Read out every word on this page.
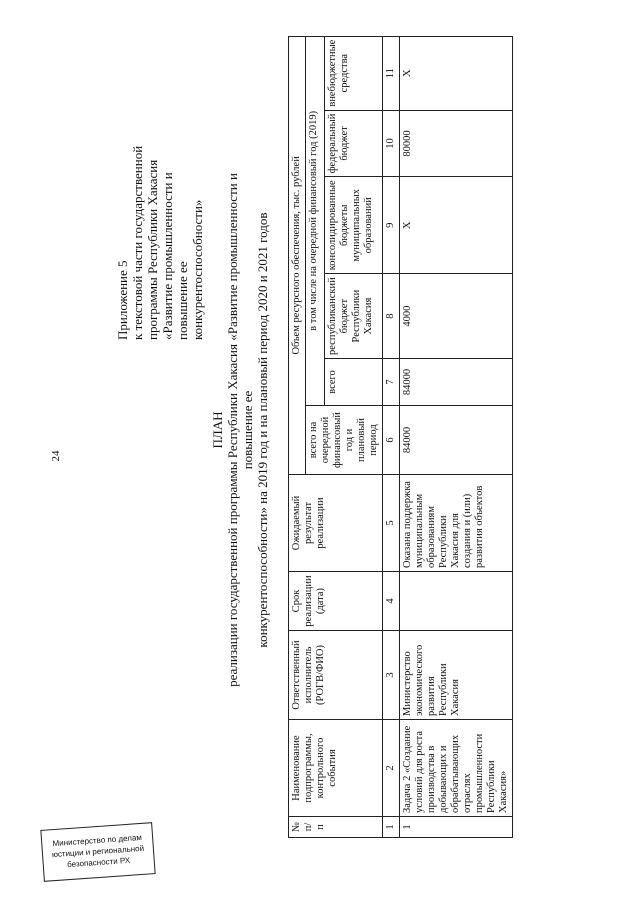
24
Приложение 5 к текстовой части государственной программы Республики Хакасия «Развитие промышленности и повышение ее конкурентоспособности»
ПЛАН реализации государственной программы Республики Хакасия «Развитие промышленности и повышение ее конкурентоспособности» на 2019 год и на плановый период 2020 и 2021 годов
№ п/п	Наименование подпрограммы, контрольного события	Ответственный исполнитель (РОГВ/ФИО)	Срок реализации (дата)	Ожидаемый результат реализации	Объем ресурсного обеспечения, тыс. рублей					
					всего на очередной финансовый год и плановый период	в том числе на очередной финансовый год (2019)				
						всего	республиканский бюджет Республики Хакасия	консолидированные бюджеты муниципальных образований	федеральный бюджет	внебюджетные средства
1	2	3	4	5	6	7	8	9	10	11
1	Задача 2 «Создание условий для роста производства в добывающих и обрабатывающих отраслях промышленности Республики Хакасия»	Министерство экономического развития Республики Хакасия		Оказана поддержка муниципальным образованиям Республики Хакасия для создания и (или) развития объектов	84000	84000	4000	Х	80000	Х
Министерство по делам
юстиции и региональной
безопасности РХ
